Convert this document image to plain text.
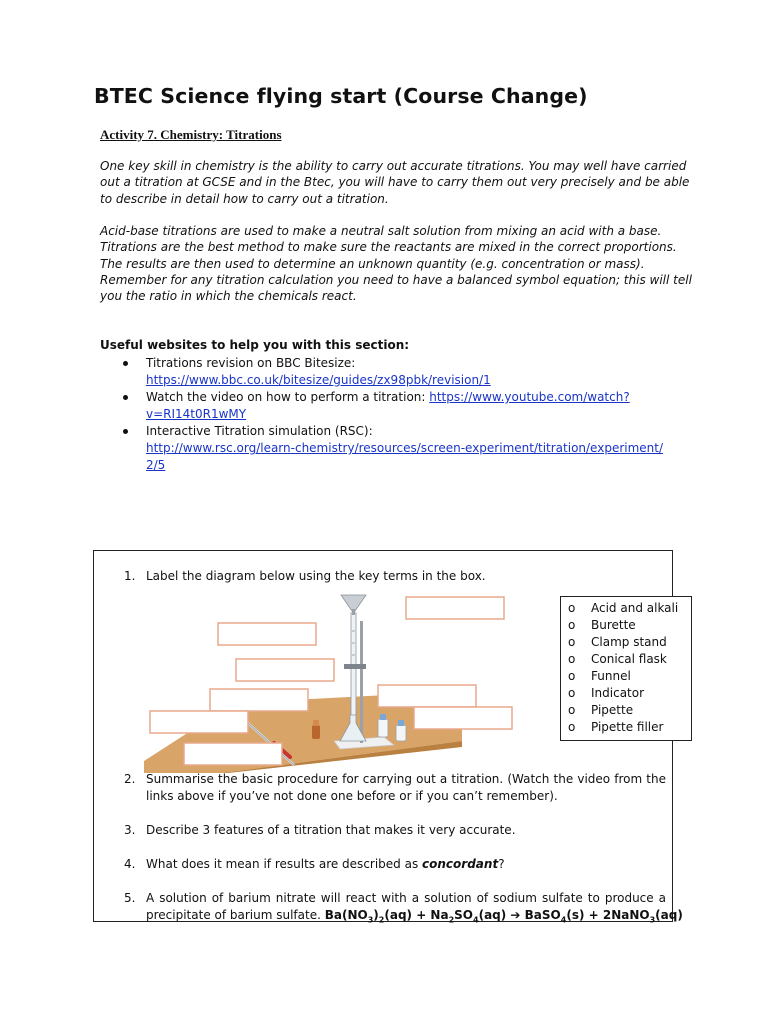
BTEC Science flying start (Course Change)
Activity 7. Chemistry: Titrations
One key skill in chemistry is the ability to carry out accurate titrations. You may well have carried
out a titration at GCSE and in the Btec, you will have to carry them out very precisely and be able
to describe in detail how to carry out a titration.
Acid-base titrations are used to make a neutral salt solution from mixing an acid with a base.
Titrations are the best method to make sure the reactants are mixed in the correct proportions.
The results are then used to determine an unknown quantity (e.g. concentration or mass).
Remember for any titration calculation you need to have a balanced symbol equation; this will tell
you the ratio in which the chemicals react.
Useful websites to help you with this section:
Titrations revision on BBC Bitesize:
https://www.bbc.co.uk/bitesize/guides/zx98pbk/revision/1
Watch the video on how to perform a titration: https://www.youtube.com/watch?
v=RI14t0R1wMY
Interactive Titration simulation (RSC):
http://www.rsc.org/learn-chemistry/resources/screen-experiment/titration/experiment/
2/5
1. Label the diagram below using the key terms in the box.
2. Summarise the basic procedure for carrying out a titration. (Watch the video from the
links above if you’ve not done one before or if you can’t remember).
3. Describe 3 features of a titration that makes it very accurate.
4. What does it mean if results are described as concordant?
5. A solution of barium nitrate will react with a solution of sodium sulfate to produce a
precipitate of barium sulfate. $Ba(NO_3)_2(aq) + Na_2SO_4(aq)$ ➔ BaSO$_4$(s) + 2NaNO$_3$(aq)
o Acid and alkali
o Burette
o Clamp stand
o Conical flask
o Funnel
o Indicator
o Pipette
o Pipette filler
